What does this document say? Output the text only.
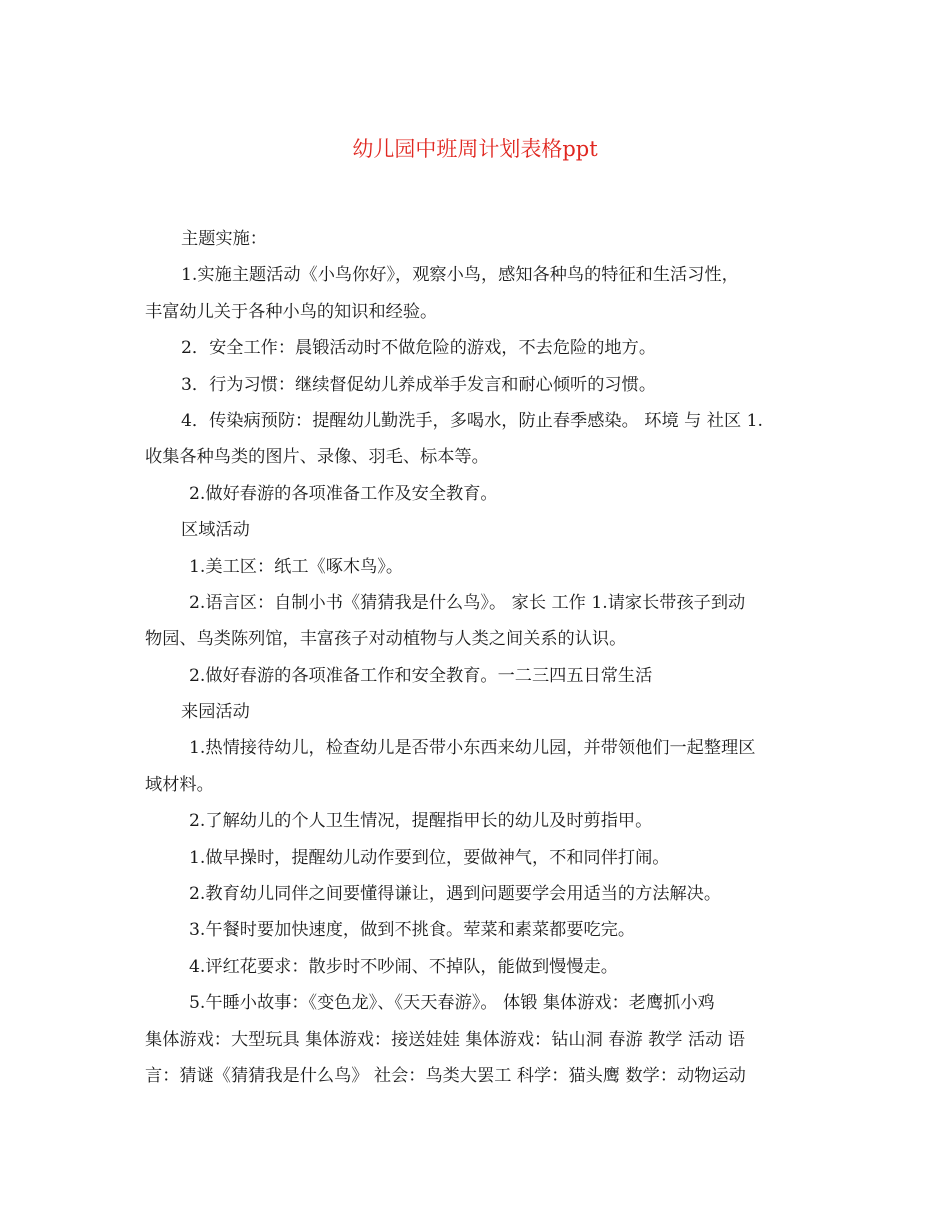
幼儿园中班周计划表格ppt
主题实施：
1.实施主题活动《小鸟你好》，观察小鸟，感知各种鸟的特征和生活习性，
丰富幼儿关于各种小鸟的知识和经验。
2．安全工作：晨锻活动时不做危险的游戏，不去危险的地方。
3．行为习惯：继续督促幼儿养成举手发言和耐心倾听的习惯。
4．传染病预防：提醒幼儿勤洗手，多喝水，防止春季感染。 环境 与 社区 1.
收集各种鸟类的图片、录像、羽毛、标本等。
2.做好春游的各项准备工作及安全教育。
区域活动
1.美工区：纸工《啄木鸟》。
2.语言区：自制小书《猜猜我是什么鸟》。 家长 工作 1.请家长带孩子到动
物园、鸟类陈列馆，丰富孩子对动植物与人类之间关系的认识。
2.做好春游的各项准备工作和安全教育。一二三四五日常生活
来园活动
1.热情接待幼儿，检查幼儿是否带小东西来幼儿园，并带领他们一起整理区
域材料。
2.了解幼儿的个人卫生情况，提醒指甲长的幼儿及时剪指甲。
1.做早操时，提醒幼儿动作要到位，要做神气，不和同伴打闹。
2.教育幼儿同伴之间要懂得谦让，遇到问题要学会用适当的方法解决。
3.午餐时要加快速度，做到不挑食。荤菜和素菜都要吃完。
4.评红花要求：散步时不吵闹、不掉队，能做到慢慢走。
5.午睡小故事：《变色龙》、《天天春游》。 体锻 集体游戏：老鹰抓小鸡
集体游戏：大型玩具 集体游戏：接送娃娃 集体游戏：钻山洞 春游 教学 活动 语
言：猜谜《猜猜我是什么鸟》 社会：鸟类大罢工 科学：猫头鹰 数学：动物运动
